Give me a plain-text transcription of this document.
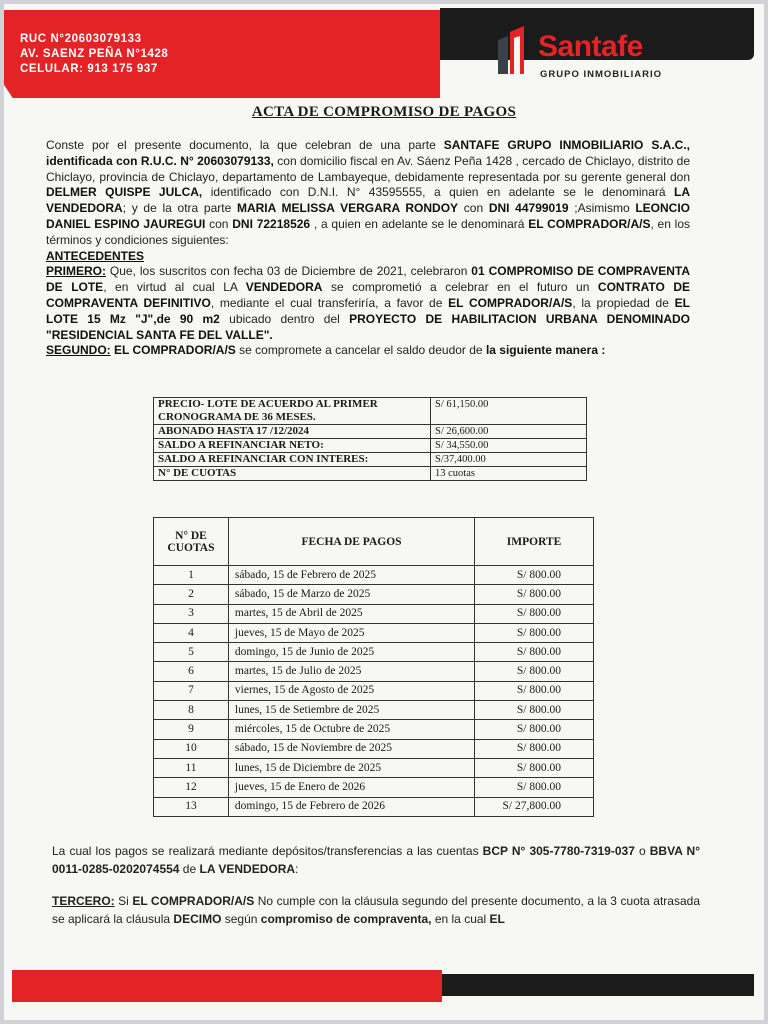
RUC N°20603079133
AV. SAENZ PEÑA N°1428
CELULAR: 913 175 937
Santafe
GRUPO INMOBILIARIO
ACTA DE COMPROMISO DE PAGOS
Conste por el presente documento, la que celebran de una parte SANTAFE GRUPO INMOBILIARIO S.A.C., identificada con R.U.C. N° 20603079133, con domicilio fiscal en Av. Sáenz Peña 1428 , cercado de Chiclayo, distrito de Chiclayo, provincia de Chiclayo, departamento de Lambayeque, debidamente representada por su gerente general don DELMER QUISPE JULCA, identificado con D.N.I. N° 43595555, a quien en adelante se le denominará LA VENDEDORA; y de la otra parte MARIA MELISSA VERGARA RONDOY con DNI 44799019 ;Asimismo LEONCIO DANIEL ESPINO JAUREGUI con DNI 72218526 , a quien en adelante se le denominará EL COMPRADOR/A/S, en los términos y condiciones siguientes:
ANTECEDENTES
PRIMERO: Que, los suscritos con fecha 03 de Diciembre de 2021, celebraron 01 COMPROMISO DE COMPRAVENTA DE LOTE, en virtud al cual LA VENDEDORA se comprometió a celebrar en el futuro un CONTRATO DE COMPRAVENTA DEFINITIVO, mediante el cual transferiría, a favor de EL COMPRADOR/A/S, la propiedad de EL LOTE 15 Mz "J",de 90 m2 ubicado dentro del PROYECTO DE HABILITACION URBANA DENOMINADO "RESIDENCIAL SANTA FE DEL VALLE".
SEGUNDO: EL COMPRADOR/A/S se compromete a cancelar el saldo deudor de la siguiente manera :
PRECIO- LOTE DE ACUERDO AL PRIMER CRONOGRAMA DE 36 MESES.	S/ 61,150.00
ABONADO HASTA 17 /12/2024	S/ 26,600.00
SALDO A REFINANCIAR NETO:	S/ 34,550.00
SALDO A REFINANCIAR CON INTERES:	S/37,400.00
N° DE CUOTAS	13 cuotas
N° DE CUOTAS	FECHA DE PAGOS	IMPORTE
1	sábado, 15 de Febrero de 2025	S/ 800.00
2	sábado, 15 de Marzo de 2025	S/ 800.00
3	martes, 15 de Abril de 2025	S/ 800.00
4	jueves, 15 de Mayo de 2025	S/ 800.00
5	domingo, 15 de Junio de 2025	S/ 800.00
6	martes, 15 de Julio de 2025	S/ 800.00
7	viernes, 15 de Agosto de 2025	S/ 800.00
8	lunes, 15 de Setiembre de 2025	S/ 800.00
9	miércoles, 15 de Octubre de 2025	S/ 800.00
10	sábado, 15 de Noviembre de 2025	S/ 800.00
11	lunes, 15 de Diciembre de 2025	S/ 800.00
12	jueves, 15 de Enero de 2026	S/ 800.00
13	domingo, 15 de Febrero de 2026	S/ 27,800.00
La cual los pagos se realizará mediante depósitos/transferencias a las cuentas BCP N° 305-7780-7319-037 o BBVA N° 0011-0285-0202074554 de LA VENDEDORA:
TERCERO: Si EL COMPRADOR/A/S No cumple con la cláusula segundo del presente documento, a la 3 cuota atrasada se aplicará la cláusula DECIMO según compromiso de compraventa, en la cual EL
